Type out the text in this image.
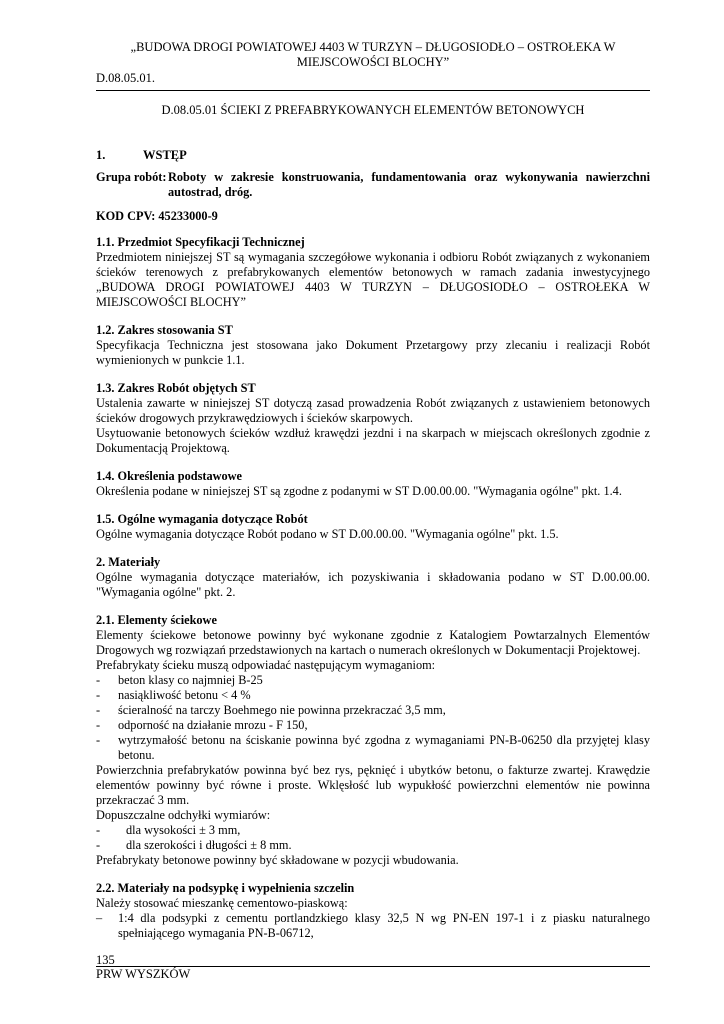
„BUDOWA DROGI POWIATOWEJ 4403 W TURZYN – DŁUGOSIODŁO – OSTROŁEKA W
MIEJSCOWOŚCI BLOCHY”
D.08.05.01.
D.08.05.01 ŚCIEKI Z PREFABRYKOWANYCH ELEMENTÓW BETONOWYCH
1.	WSTĘP
Grupa robót: Roboty w zakresie konstruowania, fundamentowania oraz wykonywania nawierzchni autostrad, dróg.

KOD CPV: 45233000-9

1.1. Przedmiot Specyfikacji Technicznej

Przedmiotem niniejszej ST są wymagania szczegółowe wykonania i odbioru Robót związanych z wykonaniem ścieków terenowych z prefabrykowanych elementów betonowych w ramach zadania inwestycyjnego „BUDOWA DROGI POWIATOWEJ 4403 W TURZYN – DŁUGOSIODŁO – OSTROŁEKA W MIEJSCOWOŚCI BLOCHY”

1.2. Zakres stosowania ST

Specyfikacja Techniczna jest stosowana jako Dokument Przetargowy przy zlecaniu i realizacji Robót wymienionych w punkcie 1.1.

1.3. Zakres Robót objętych ST

Ustalenia zawarte w niniejszej ST dotyczą zasad prowadzenia Robót związanych z ustawieniem betonowych ścieków drogowych przykrawędziowych i ścieków skarpowych.

Usytuowanie betonowych ścieków wzdłuż krawędzi jezdni i na skarpach w miejscach określonych zgodnie z Dokumentacją Projektową.

1.4. Określenia podstawowe

Określenia podane w niniejszej ST są zgodne z podanymi w ST D.00.00.00. "Wymagania ogólne" pkt. 1.4.

1.5. Ogólne wymagania dotyczące Robót

Ogólne wymagania dotyczące Robót podano w ST D.00.00.00. "Wymagania ogólne" pkt. 1.5.

2. Materiały

Ogólne wymagania dotyczące materiałów, ich pozyskiwania i składowania podano w ST D.00.00.00. "Wymagania ogólne" pkt. 2.

2.1. Elementy ściekowe

Elementy ściekowe betonowe powinny być wykonane zgodnie z Katalogiem Powtarzalnych Elementów Drogowych wg rozwiązań przedstawionych na kartach o numerach określonych w Dokumentacji Projektowej.

Prefabrykaty ścieku muszą odpowiadać następującym wymaganiom:

-	beton klasy co najmniej B-25
-	nasiąkliwość betonu < 4 %
-	ścieralność na tarczy Boehmego nie powinna przekraczać 3,5 mm,
-	odporność na działanie mrozu - F 150,
-	wytrzymałość betonu na ściskanie powinna być zgodna z wymaganiami PN-B-06250 dla przyjętej klasy betonu.

Powierzchnia prefabrykatów powinna być bez rys, pęknięć i ubytków betonu, o fakturze zwartej. Krawędzie elementów powinny być równe i proste. Wklęsłość lub wypukłość powierzchni elementów nie powinna przekraczać 3 mm.

Dopuszczalne odchyłki wymiarów:

-	dla wysokości ± 3 mm,
-	dla szerokości i długości ± 8 mm.

Prefabrykaty betonowe powinny być składowane w pozycji wbudowania.

2.2. Materiały na podsypkę i wypełnienia szczelin

Należy stosować mieszankę cementowo-piaskową:

–	1:4 dla podsypki z cementu portlandzkiego klasy 32,5 N wg PN-EN 197-1 i z piasku naturalnego spełniającego wymagania PN-B-06712,
135
PRW WYSZKÓW
